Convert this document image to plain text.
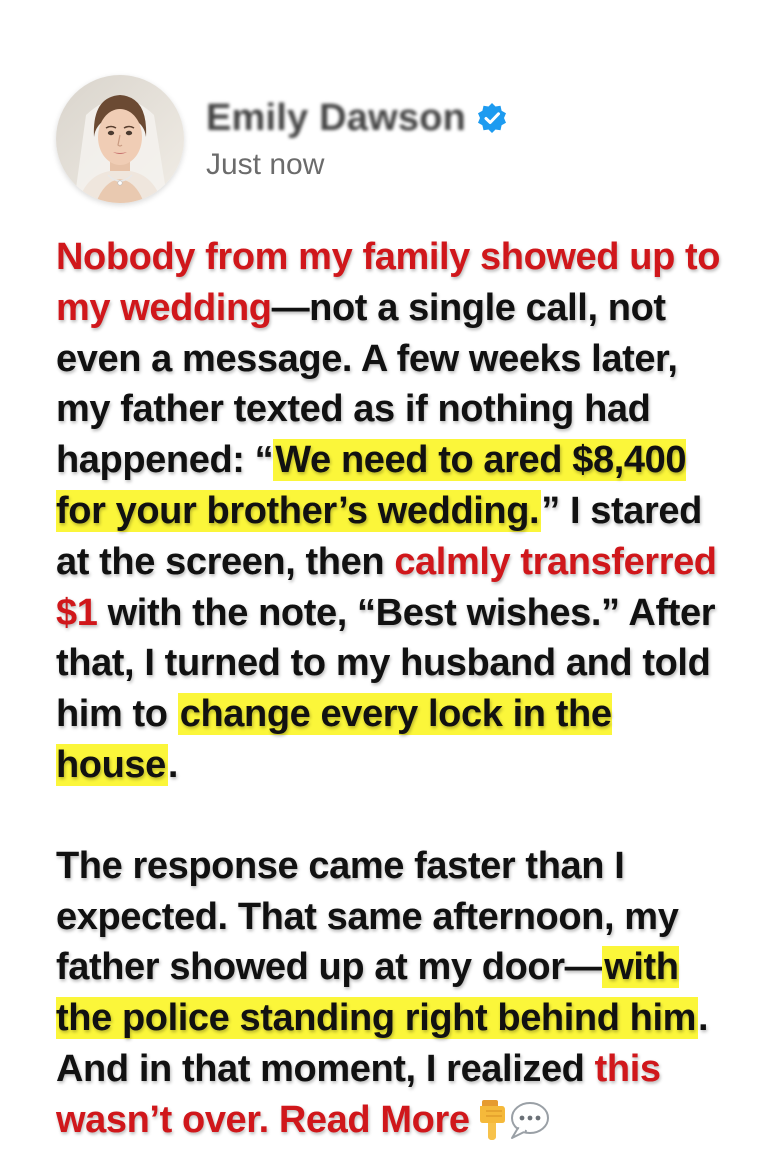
Emily Dawson
Just now

Nobody from my family showed up to my wedding—not a single call, not even a message. A few weeks later, my father texted as if nothing had happened: “We need to ared $8,400 for your brother’s wedding.” I stared at the screen, then calmly transferred $1 with the note, “Best wishes.” After that, I turned to my husband and told him to change every lock in the house.

The response came faster than I expected. That same afternoon, my father showed up at my door—with the police standing right behind him. And in that moment, I realized this wasn’t over. Read More
